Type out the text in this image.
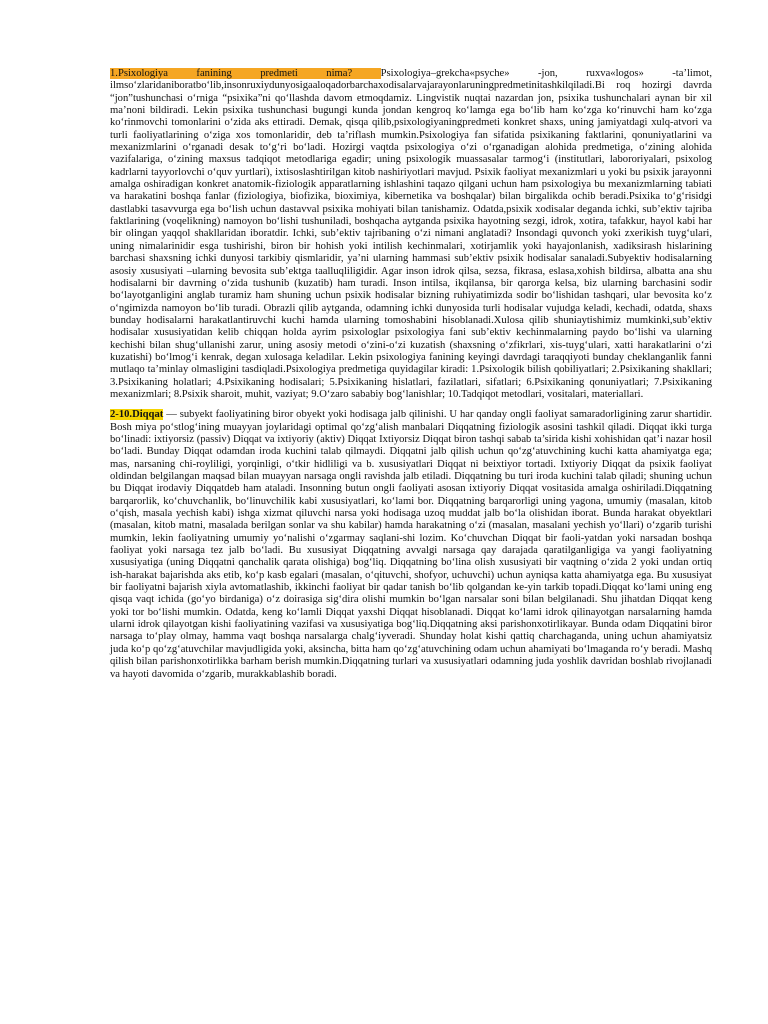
1.Psixologiya fanining predmeti nima? Psixologiya–grekcha«psyche» -jon, ruxva«logos» -ta’limot, ilmso‘zlaridaniboratbo‘lib,insonruxiydunyosigaaloqadorbarchaxodisalarvajarayonlaruningpredmetinitashkilqiladi.Bi roq hozirgi davrda “jon”tushunchasi o‘rniga “psixika”ni qo‘llashda davom etmoqdamiz. Lingvistik nuqtai nazardan jon, psixika tushunchalari aynan bir xil ma’noni bildiradi. Lekin psixika tushunchasi bugungi kunda jondan kengroq ko‘lamga ega bo‘lib ham ko‘zga ko‘rinuvchi ham ko‘zga ko‘rinmovchi tomonlarini o‘zida aks ettiradi. Demak, qisqa qilib,psixologiyaningpredmeti konkret shaxs, uning jamiyatdagi xulq-atvori va turli faoliyatlarining o‘ziga xos tomonlaridir, deb ta’riflash mumkin.Psixologiya fan sifatida psixikaning faktlarini, qonuniyatlarini va mexanizmlarini o‘rganadi desak to‘g‘ri bo‘ladi. Hozirgi vaqtda psixologiya o‘zi o‘rganadigan alohida predmetiga, o‘zining alohida vazifalariga, o‘zining maxsus tadqiqot metodlariga egadir; uning psixologik muassasalar tarmog‘i (institutlari, labororiyalari, psixolog kadrlarni tayyorlovchi o‘quv yurtlari), ixtisoslashtirilgan kitob nashiriyotlari mavjud. Psixik faoliyat mexanizmlari u yoki bu psixik jarayonni amalga oshiradigan konkret anatomik-fiziologik apparatlarning ishlashini taqazo qilgani uchun ham psixologiya bu mexanizmlarning tabiati va harakatini boshqa fanlar (fiziologiya, biofizika, bioximiya, kibernetika va boshqalar) bilan birgalikda ochib beradi.Psixika to‘g‘risidgi dastlabki tasavvurga ega bo‘lish uchun dastavval psixika mohiyati bilan tanishamiz. Odatda,psixik xodisalar deganda ichki, sub’ektiv tajriba faktlarining (voqelikning) namoyon bo‘lishi tushuniladi, boshqacha aytganda psixika hayotning sezgi, idrok, xotira, tafakkur, hayol kabi har bir olingan yaqqol shakllaridan iboratdir. Ichki, sub’ektiv tajribaning o‘zi nimani anglatadi? Insondagi quvonch yoki zxerikish tuyg‘ulari, uning nimalarinidir esga tushirishi, biron bir hohish yoki intilish kechinmalari, xotirjamlik yoki hayajonlanish, xadiksirash hislarining barchasi shaxsning ichki dunyosi tarkibiy qismlaridir, ya’ni ularning hammasi sub’ektiv psixik hodisalar sanaladi.Subyektiv hodisalarning asosiy xususiyati –ularning bevosita sub’ektga taalluqliligidir. Agar inson idrok qilsa, sezsa, fikrasa, eslasa,xohish bildirsa, albatta ana shu hodisalarni bir davrning o‘zida tushunib (kuzatib) ham turadi. Inson intilsa, ikqilansa, bir qarorga kelsa, biz ularning barchasini sodir bo‘layotganligini anglab turamiz ham shuning uchun psixik hodisalar bizning ruhiyatimizda sodir bo‘lishidan tashqari, ular bevosita ko‘z o‘ngimizda namoyon bo‘lib turadi. Obrazli qilib aytganda, odamning ichki dunyosida turli hodisalar vujudga keladi, kechadi, odatda, shaxs bunday hodisalarni harakatlantiruvchi kuchi hamda ularning tomoshabini hisoblanadi.Xulosa qilib shuniaytishimiz mumkinki,sub’ektiv hodisalar xususiyatidan kelib chiqqan holda ayrim psixologlar psixologiya fani sub’ektiv kechinmalarning paydo bo‘lishi va ularning kechishi bilan shug‘ullanishi zarur, uning asosiy metodi o‘zini-o‘zi kuzatish (shaxsning o‘zfikrlari, xis-tuyg‘ulari, xatti harakatlarini o‘zi kuzatishi) bo‘lmog‘i kenrak, degan xulosaga keladilar. Lekin psixologiya fanining keyingi davrdagi taraqqiyoti bunday cheklanganlik fanni mutlaqo ta’minlay olmasligini tasdiqladi.Psixologiya predmetiga quyidagilar kiradi: 1.Psixologik bilish qobiliyatlari; 2.Psixikaning shakllari; 3.Psixikaning holatlari; 4.Psixikaning hodisalari; 5.Psixikaning hislatlari, fazilatlari, sifatlari; 6.Psixikaning qonuniyatlari; 7.Psixikaning mexanizmlari; 8.Psixik sharoit, muhit, vaziyat; 9.O‘zaro sababiy bog‘lanishlar; 10.Tadqiqot metodlari, vositalari, materiallari.

2-10.Diqqat — subyekt faoliyatining biror obyekt yoki hodisaga jalb qilinishi. U har qanday ongli faoliyat samaradorligining zarur shartidir. Bosh miya po‘stlog‘ining muayyan joylaridagi optimal qo‘zg‘alish manbalari Diqqatning fiziologik asosini tashkil qiladi. Diqqat ikki turga bo‘linadi: ixtiyorsiz (passiv) Diqqat va ixtiyoriy (aktiv) Diqqat Ixtiyorsiz Diqqat biron tashqi sabab ta’sirida kishi xohishidan qat’i nazar hosil bo‘ladi. Bunday Diqqat odamdan iroda kuchini talab qilmaydi. Diqqatni jalb qilish uchun qo‘zg‘atuvchining kuchi katta ahamiyatga ega; mas, narsaning chi-royliligi, yorqinligi, o‘tkir hidliligi va b. xususiyatlari Diqqat ni beixtiyor tortadi. Ixtiyoriy Diqqat da psixik faoliyat oldindan belgilangan maqsad bilan muayyan narsaga ongli ravishda jalb etiladi. Diqqatning bu turi iroda kuchini talab qiladi; shuning uchun bu Diqqat irodaviy Diqqatdeb ham ataladi. Insonning butun ongli faoliyati asosan ixtiyoriy Diqqat vositasida amalga oshiriladi.Diqqatning barqarorlik, ko‘chuvchanlik, bo‘linuvchilik kabi xususiyatlari, ko‘lami bor. Diqqatning barqarorligi uning yagona, umumiy (masalan, kitob o‘qish, masala yechish kabi) ishga xizmat qiluvchi narsa yoki hodisaga uzoq muddat jalb bo‘la olishidan iborat. Bunda harakat obyektlari (masalan, kitob matni, masalada berilgan sonlar va shu kabilar) hamda harakatning o‘zi (masalan, masalani yechish yo‘llari) o‘zgarib turishi mumkin, lekin faoliyatning umumiy yo‘nalishi o‘zgarmay saqlani-shi lozim. Ko‘chuvchan Diqqat bir faoli-yatdan yoki narsadan boshqa faoliyat yoki narsaga tez jalb bo‘ladi. Bu xususiyat Diqqatning avvalgi narsaga qay darajada qaratilganligiga va yangi faoliyatning xususiyatiga (uning Diqqatni qanchalik qarata olishiga) bog‘liq. Diqqatning bo‘lina olish xususiyati bir vaqtning o‘zida 2 yoki undan ortiq ish-harakat bajarishda aks etib, ko‘p kasb egalari (masalan, o‘qituvchi, shofyor, uchuvchi) uchun ayniqsa katta ahamiyatga ega. Bu xususiyat bir faoliyatni bajarish xiyla avtomatlashib, ikkinchi faoliyat bir qadar tanish bo‘lib qolgandan ke-yin tarkib topadi.Diqqat ko‘lami uning eng qisqa vaqt ichida (go‘yo birdaniga) o‘z doirasiga sig‘dira olishi mumkin bo‘lgan narsalar soni bilan belgilanadi. Shu jihatdan Diqqat keng yoki tor bo‘lishi mumkin. Odatda, keng ko‘lamli Diqqat yaxshi Diqqat hisoblanadi. Diqqat ko‘lami idrok qilinayotgan narsalarning hamda ularni idrok qilayotgan kishi faoliyatining vazifasi va xususiyatiga bog‘liq.Diqqatning aksi parishonxotirlikayar. Bunda odam Diqqatini biror narsaga to‘play olmay, hamma vaqt boshqa narsalarga chalg‘iyveradi. Shunday holat kishi qattiq charchaganda, uning uchun ahamiyatsiz juda ko‘p qo‘zg‘atuvchilar mavjudligida yoki, aksincha, bitta ham qo‘zg‘atuvchining odam uchun ahamiyati bo‘lmaganda ro‘y beradi. Mashq qilish bilan parishonxotirlikka barham berish mumkin.Diqqatning turlari va xususiyatlari odamning juda yoshlik davridan boshlab rivojlanadi va hayoti davomida o‘zgarib, murakkablashib boradi.
